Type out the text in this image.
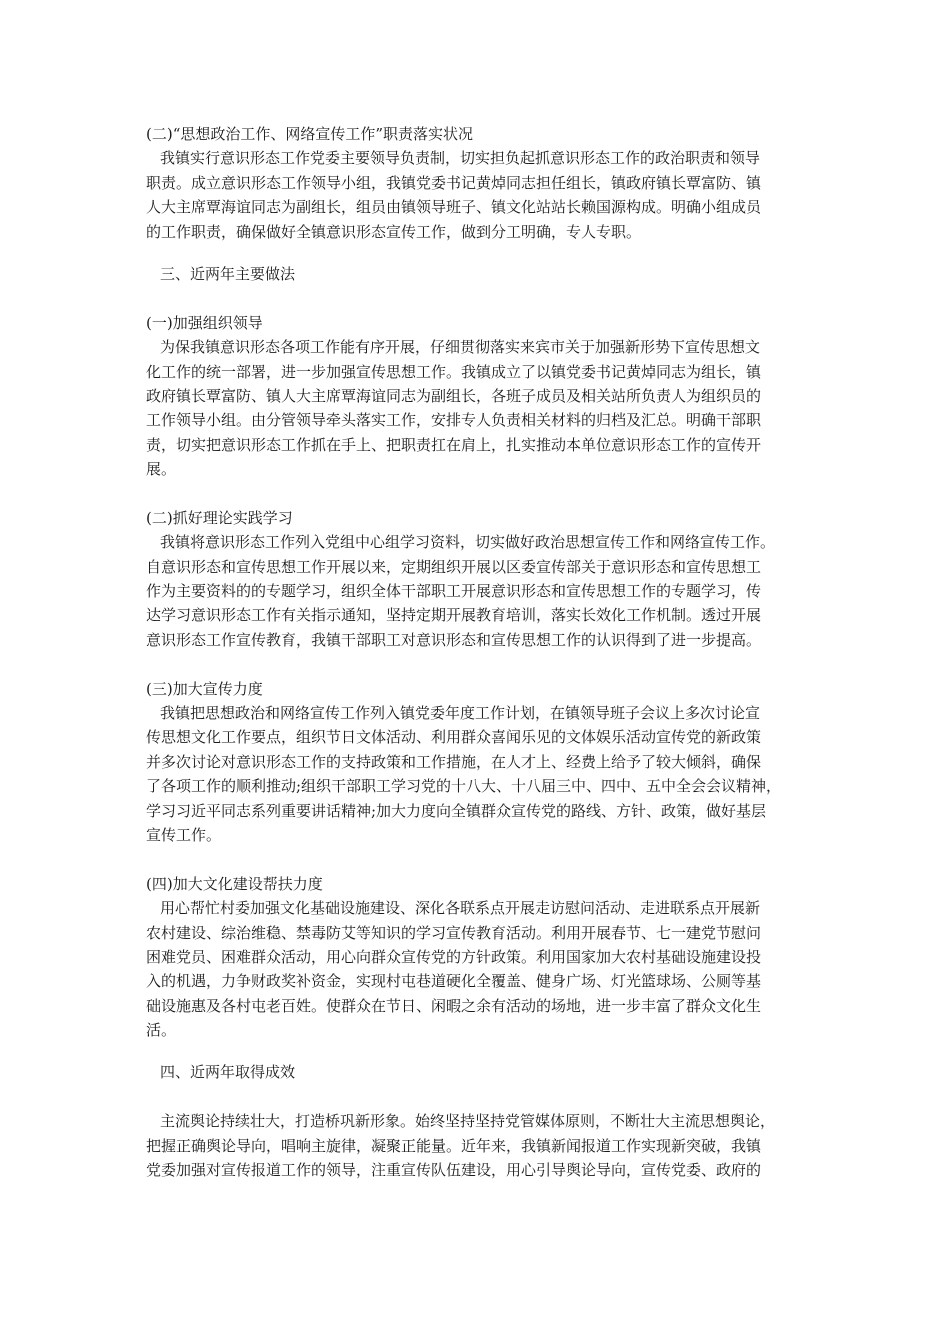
(二)“思想政治工作、网络宣传工作”职责落实状况
我镇实行意识形态工作党委主要领导负责制，切实担负起抓意识形态工作的政治职责和领导
职责。成立意识形态工作领导小组，我镇党委书记黄焯同志担任组长，镇政府镇长覃富防、镇
人大主席覃海谊同志为副组长，组员由镇领导班子、镇文化站站长赖国源构成。明确小组成员
的工作职责，确保做好全镇意识形态宣传工作，做到分工明确，专人专职。
三、近两年主要做法
(一)加强组织领导
为保我镇意识形态各项工作能有序开展，仔细贯彻落实来宾市关于加强新形势下宣传思想文
化工作的统一部署，进一步加强宣传思想工作。我镇成立了以镇党委书记黄焯同志为组长，镇
政府镇长覃富防、镇人大主席覃海谊同志为副组长，各班子成员及相关站所负责人为组织员的
工作领导小组。由分管领导牵头落实工作，安排专人负责相关材料的归档及汇总。明确干部职
责，切实把意识形态工作抓在手上、把职责扛在肩上，扎实推动本单位意识形态工作的宣传开
展。
(二)抓好理论实践学习
我镇将意识形态工作列入党组中心组学习资料，切实做好政治思想宣传工作和网络宣传工作。
自意识形态和宣传思想工作开展以来，定期组织开展以区委宣传部关于意识形态和宣传思想工
作为主要资料的的专题学习，组织全体干部职工开展意识形态和宣传思想工作的专题学习，传
达学习意识形态工作有关指示通知，坚持定期开展教育培训，落实长效化工作机制。透过开展
意识形态工作宣传教育，我镇干部职工对意识形态和宣传思想工作的认识得到了进一步提高。
(三)加大宣传力度
我镇把思想政治和网络宣传工作列入镇党委年度工作计划，在镇领导班子会议上多次讨论宣
传思想文化工作要点，组织节日文体活动、利用群众喜闻乐见的文体娱乐活动宣传党的新政策
并多次讨论对意识形态工作的支持政策和工作措施，在人才上、经费上给予了较大倾斜，确保
了各项工作的顺利推动;组织干部职工学习党的十八大、十八届三中、四中、五中全会会议精神，
学习习近平同志系列重要讲话精神;加大力度向全镇群众宣传党的路线、方针、政策，做好基层
宣传工作。
(四)加大文化建设帮扶力度
用心帮忙村委加强文化基础设施建设、深化各联系点开展走访慰问活动、走进联系点开展新
农村建设、综治维稳、禁毒防艾等知识的学习宣传教育活动。利用开展春节、七一建党节慰问
困难党员、困难群众活动，用心向群众宣传党的方针政策。利用国家加大农村基础设施建设投
入的机遇，力争财政奖补资金，实现村屯巷道硬化全覆盖、健身广场、灯光篮球场、公厕等基
础设施惠及各村屯老百姓。使群众在节日、闲暇之余有活动的场地，进一步丰富了群众文化生
活。
四、近两年取得成效
主流舆论持续壮大，打造桥巩新形象。始终坚持坚持党管媒体原则，不断壮大主流思想舆论，
把握正确舆论导向，唱响主旋律，凝聚正能量。近年来，我镇新闻报道工作实现新突破，我镇
党委加强对宣传报道工作的领导，注重宣传队伍建设，用心引导舆论导向，宣传党委、政府的
